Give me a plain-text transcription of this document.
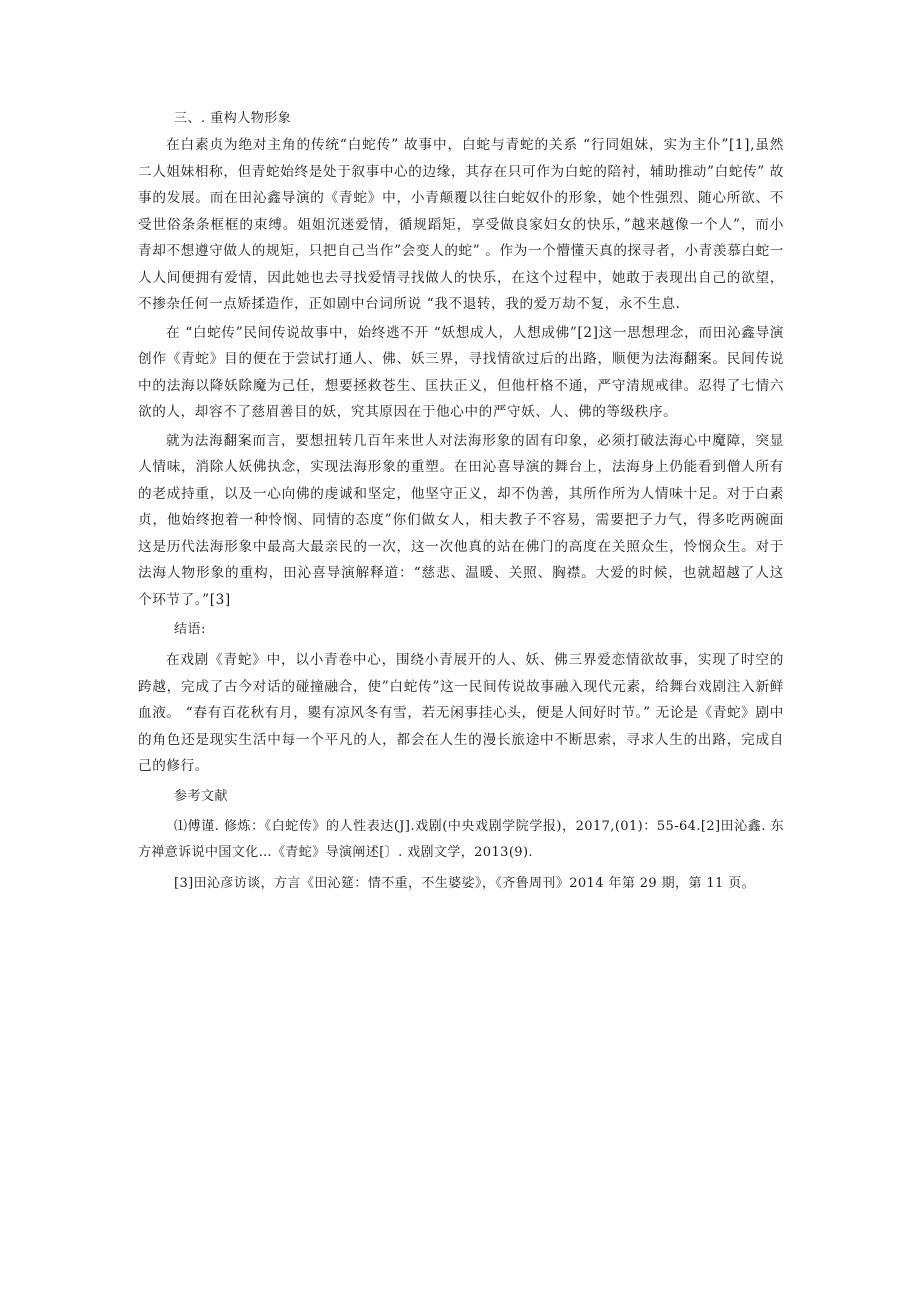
三、. 重构人物形象

在白素贞为绝对主角的传统“白蛇传” 故事中，白蛇与青蛇的关系 “行同姐妹，实为主仆”[1],虽然二人姐妹相称，但青蛇始终是处于叙事中心的边缘，其存在只可作为白蛇的陪衬，辅助推动”白蛇传” 故事的发展。而在田沁鑫导演的《青蛇》中，小青颠覆以往白蛇奴仆的形象，她个性强烈、随心所欲、不受世俗条条框框的束缚。姐姐沉迷爱情，循规蹈矩，享受做良家妇女的快乐，”越来越像一个人”，而小青却不想遵守做人的规矩，只把自己当作”会变人的蛇” 。作为一个懵懂天真的探寻者，小青羡慕白蛇一人人间便拥有爱情，因此她也去寻找爱情寻找做人的快乐，在这个过程中，她敢于表现出自己的欲望，不掺杂任何一点矫揉造作，正如剧中台词所说 “我不退转，我的爱万劫不复，永不生息.

在 “白蛇传”民间传说故事中，始终逃不开 “妖想成人，人想成佛”[2]这一思想理念，而田沁鑫导演创作《青蛇》目的便在于尝试打通人、佛、妖三界，寻找情欲过后的出路，顺便为法海翻案。民间传说中的法海以降妖除魔为己任，想要拯救苍生、匡扶正义，但他杆格不通，严守清规戒律。忍得了七情六欲的人，却容不了慈眉善目的妖，究其原因在于他心中的严守妖、人、佛的等级秩序。

就为法海翻案而言，要想扭转几百年来世人对法海形象的固有印象，必须打破法海心中魔障，突显人情味，消除人妖佛执念，实现法海形象的重塑。在田沁喜导演的舞台上，法海身上仍能看到僧人所有的老成持重，以及一心向佛的虔诚和坚定，他坚守正义，却不伪善，其所作所为人情味十足。对于白素贞，他始终抱着一种怜悯、同情的态度”你们做女人，相夫教子不容易，需要把子力气，得多吃两碗面这是历代法海形象中最高大最亲民的一次，这一次他真的站在佛门的高度在关照众生，怜悯众生。对于法海人物形象的重构，田沁喜导演解释道：“慈悲、温暖、关照、胸襟。大爱的时候，也就超越了人这个环节了。”[3]

结语:

在戏剧《青蛇》中，以小青卷中心，围绕小青展开的人、妖、佛三界爱恋情欲故事，实现了时空的跨越，完成了古今对话的碰撞融合，使”白蛇传”这一民间传说故事融入现代元素，给舞台戏剧注入新鲜血液。 “春有百花秋有月，夓有凉风冬有雪，若无闲事挂心头，便是人间好时节。” 无论是《青蛇》剧中的角色还是现实生活中每一个平凡的人，都会在人生的漫长旅途中不断思索，寻求人生的出路，完成自己的修行。

参考文献

⑴傅谨. 修炼：《白蛇传》的人性表达(J].戏剧(中央戏剧学院学报)，2017,(01)：55-64.[2]田沁鑫. 东方禅意诉说中国文化…《青蛇》导演阐述[〕. 戏剧文学，2013(9).

[3]田沁彦访谈，方言《田沁筵：情不重，不生婆娑》，《齐鲁周刊》2014 年第 29 期，第 11 页。
